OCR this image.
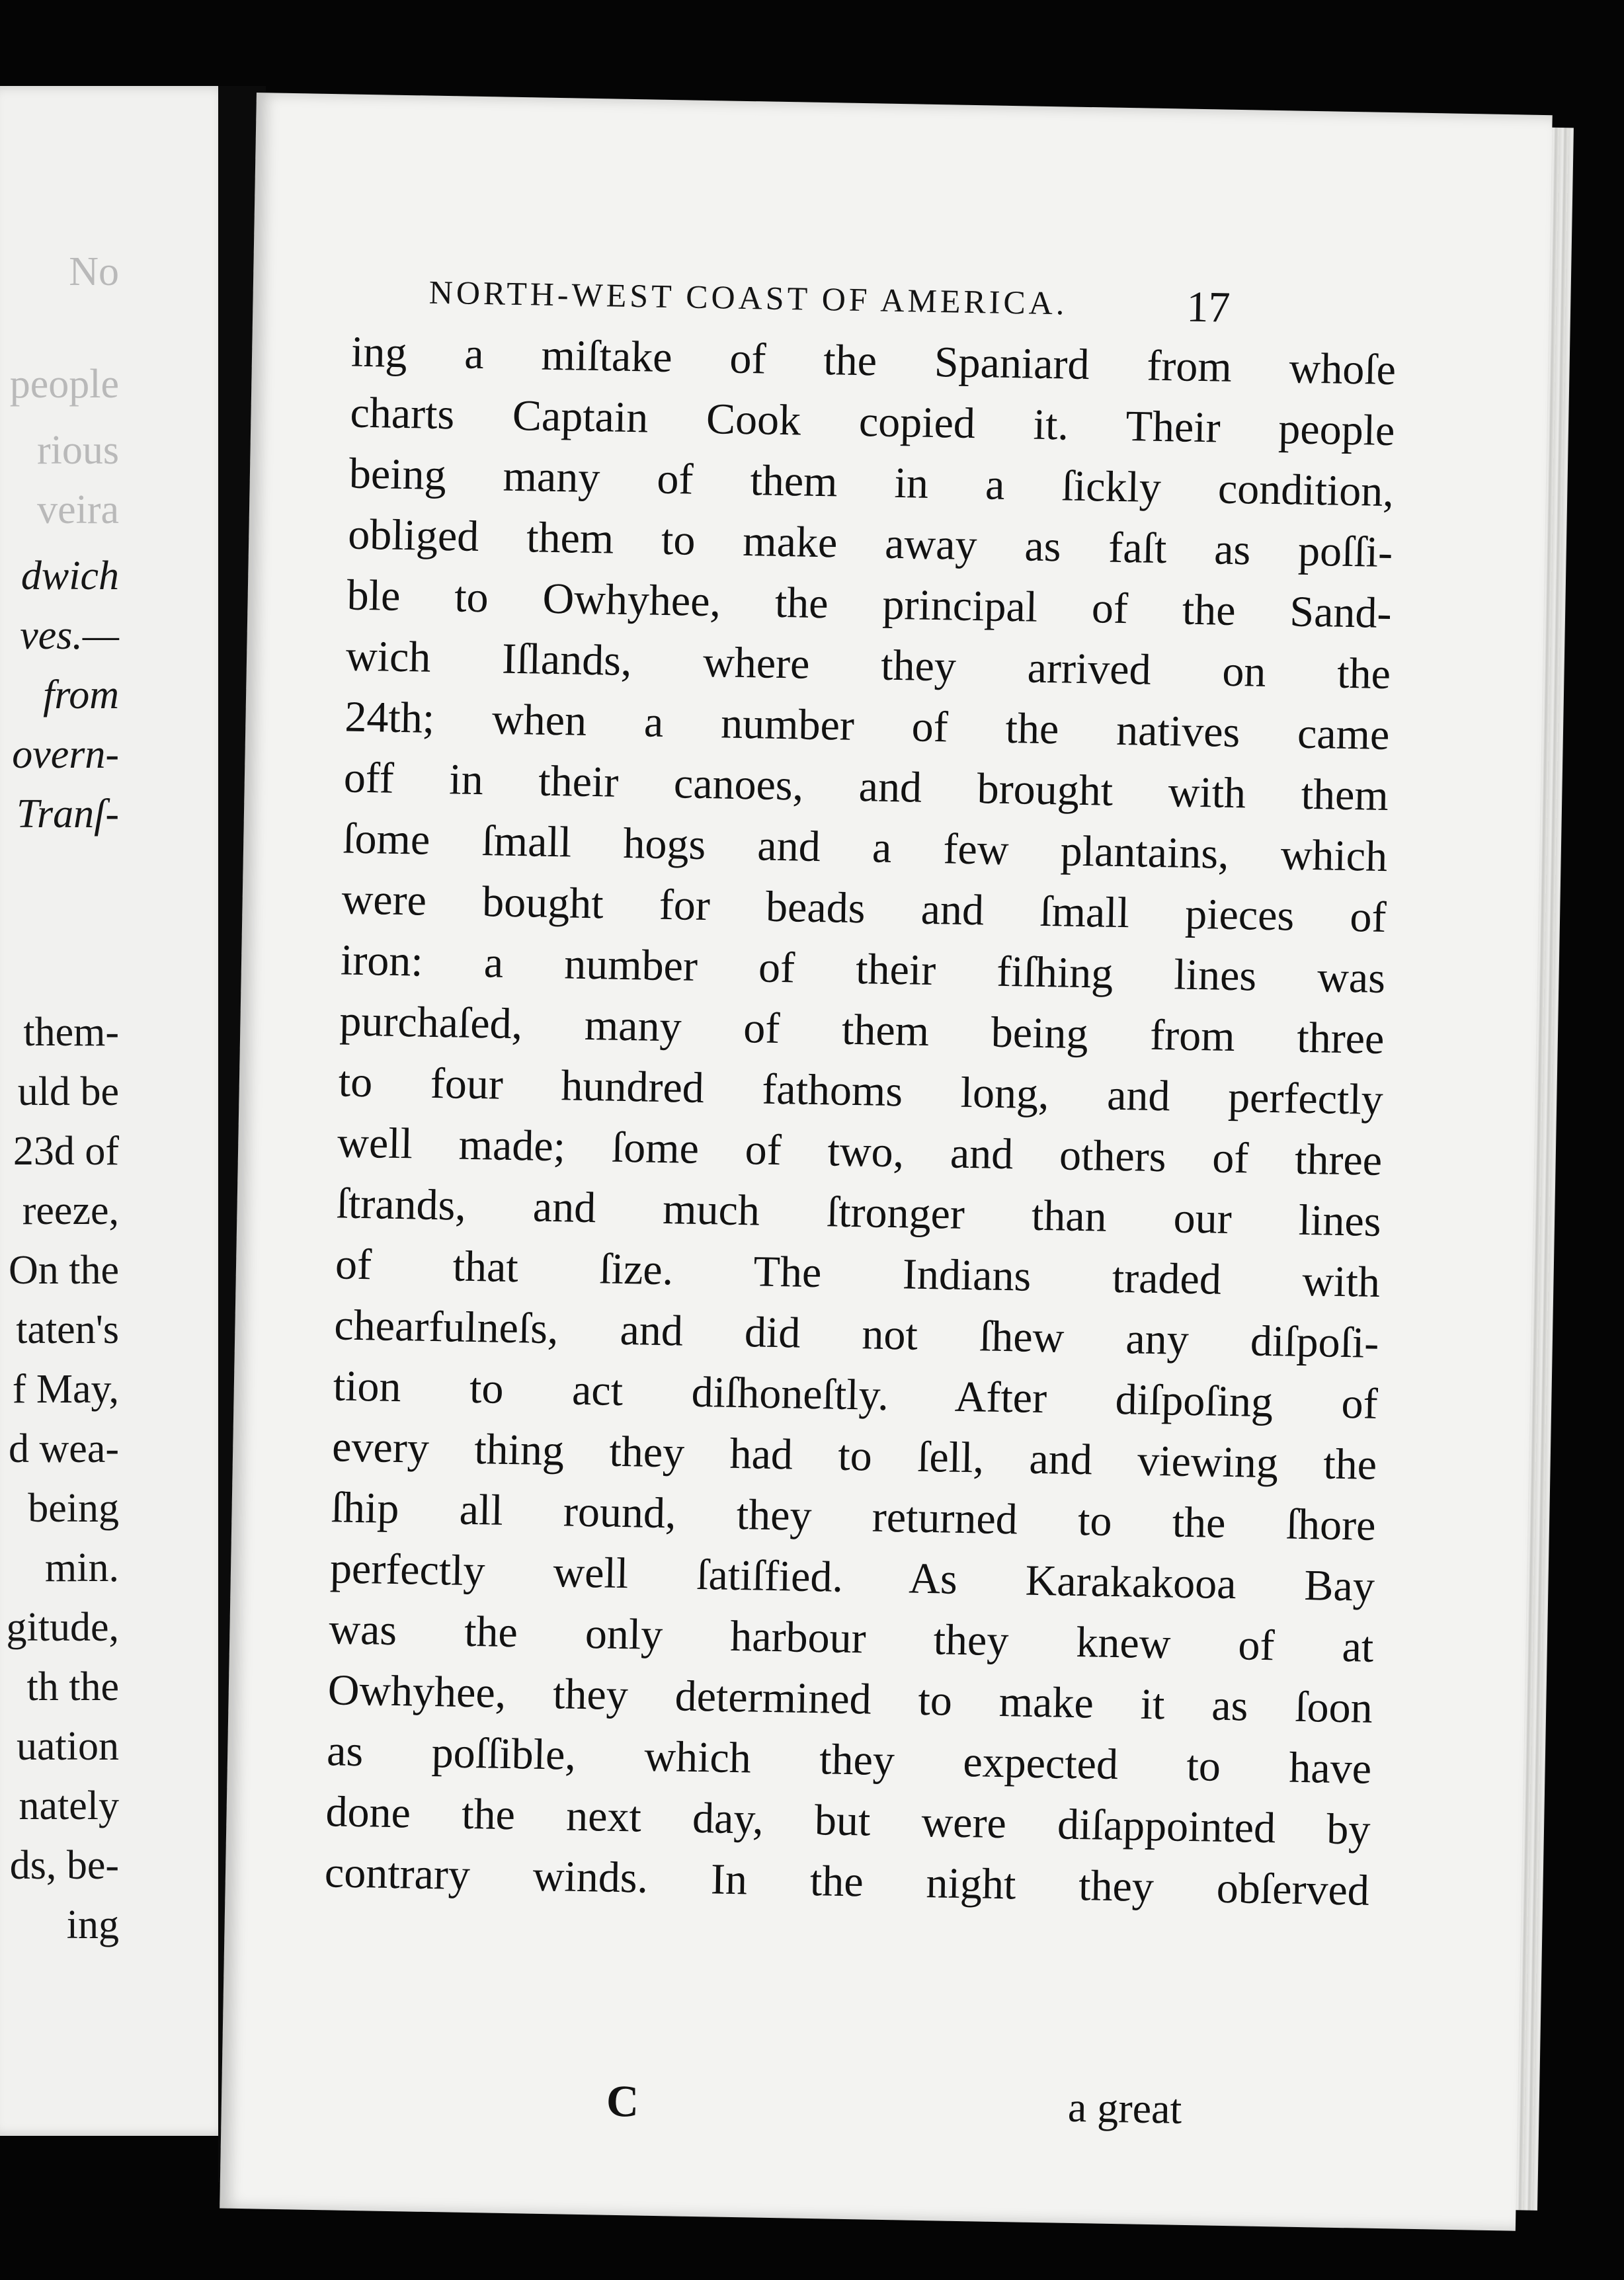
No
people
rious
veira
dwich
ves.—
from
overn-
Tranſ-
them-
uld be
23d of
reeze,
On the
taten's
f May,
d wea-
being
min.
gitude,
th the
uation
nately
ds, be-
ing
NORTH-WEST COAST OF AMERICA.	17
ing a miſtake of the Spaniard from whoſe
charts Captain Cook copied it. Their people
being many of them in a ſickly condition,
obliged them to make away as faſt as poſſi-
ble to Owhyhee, the principal of the Sand-
wich Iſlands, where they arrived on the
24th; when a number of the natives came
off in their canoes, and brought with them
ſome ſmall hogs and a few plantains, which
were bought for beads and ſmall pieces of
iron: a number of their fiſhing lines was
purchaſed, many of them being from three
to four hundred fathoms long, and perfectly
well made; ſome of two, and others of three
ſtrands, and much ſtronger than our lines
of that ſize. The Indians traded with
chearfulneſs, and did not ſhew any diſpoſi-
tion to act diſhoneſtly. After diſpoſing of
every thing they had to ſell, and viewing the
ſhip all round, they returned to the ſhore
perfectly well ſatiſfied. As Karakakooa Bay
was the only harbour they knew of at
Owhyhee, they determined to make it as ſoon
as poſſible, which they expected to have
done the next day, but were diſappointed by
contrary winds. In the night they obſerved
C	a great
